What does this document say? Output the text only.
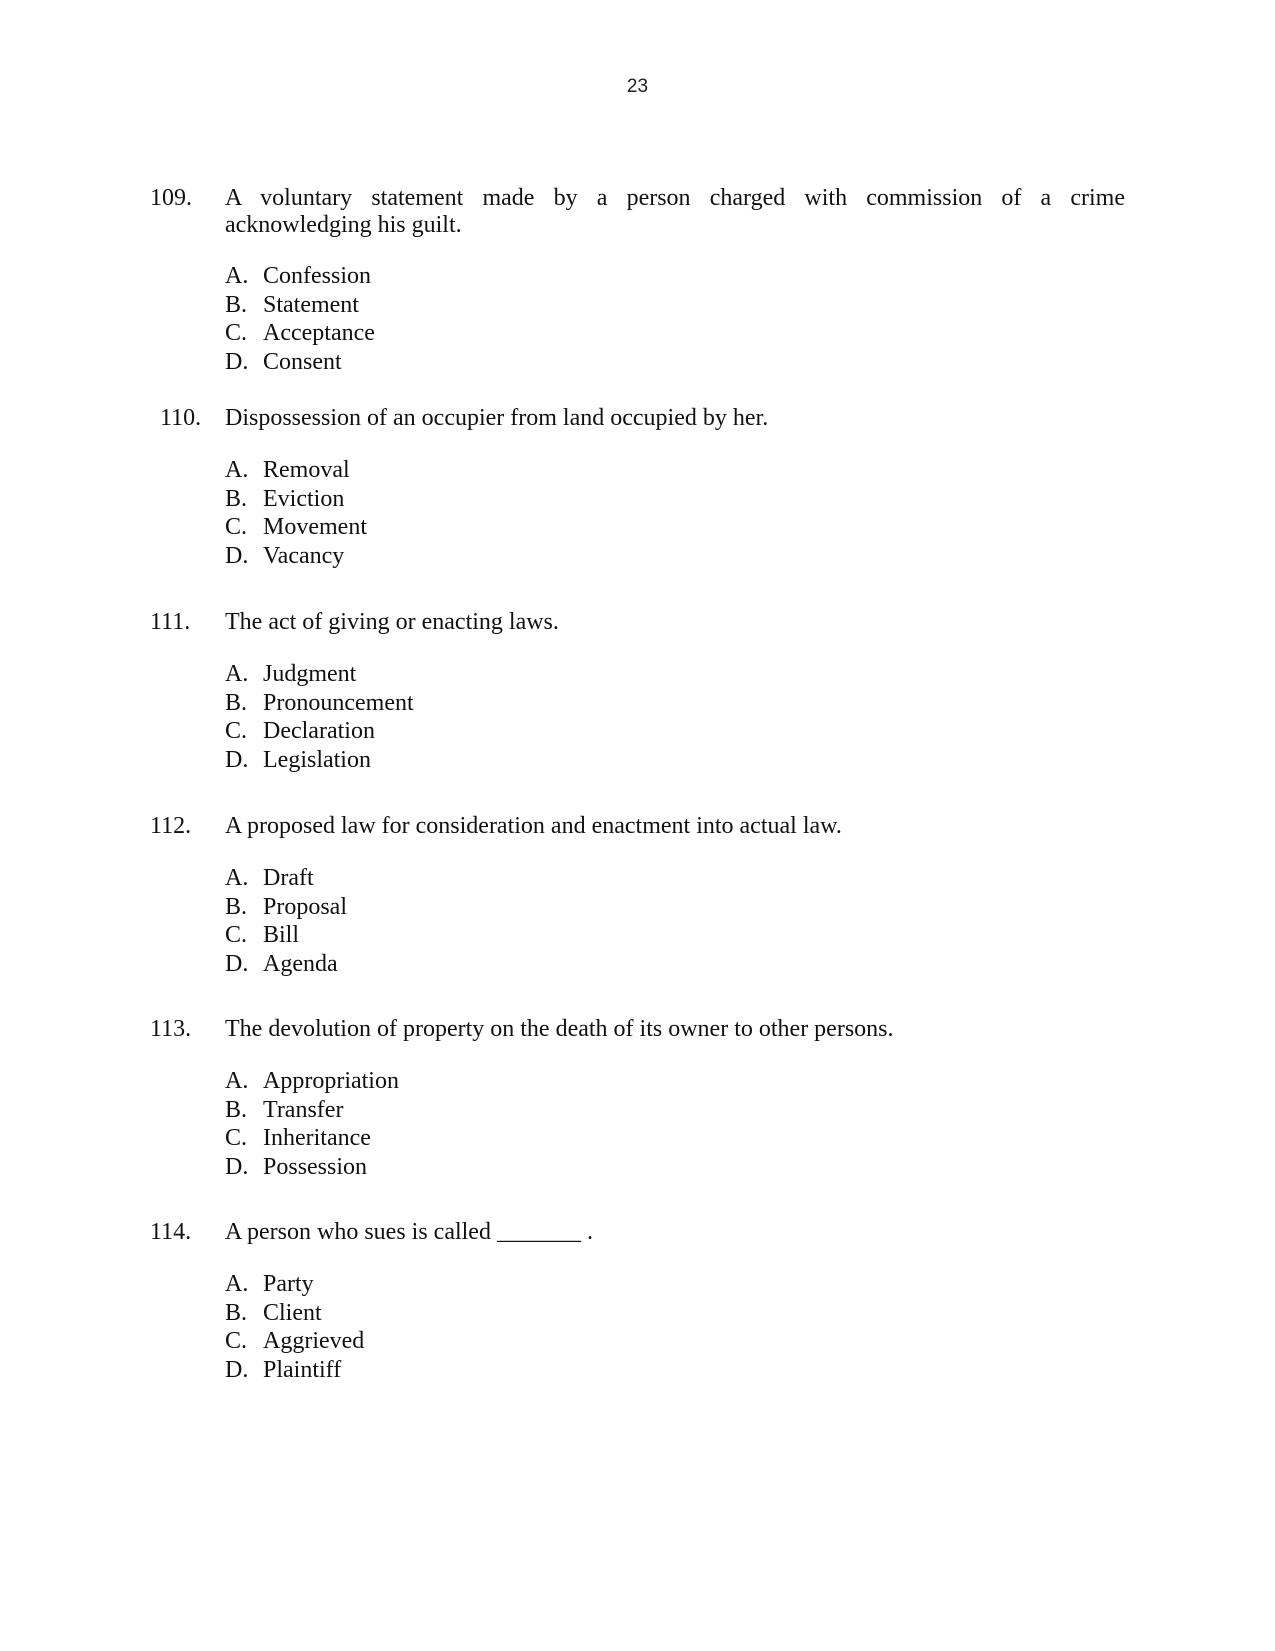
23
109. A voluntary statement made by a person charged with commission of a crime
acknowledging his guilt.
A. Confession
B. Statement
C. Acceptance
D. Consent
110. Dispossession of an occupier from land occupied by her.
A. Removal
B. Eviction
C. Movement
D. Vacancy
111. The act of giving or enacting laws.
A. Judgment
B. Pronouncement
C. Declaration
D. Legislation
112. A proposed law for consideration and enactment into actual law.
A. Draft
B. Proposal
C. Bill
D. Agenda
113. The devolution of property on the death of its owner to other persons.
A. Appropriation
B. Transfer
C. Inheritance
D. Possession
114. A person who sues is called _______ .
A. Party
B. Client
C. Aggrieved
D. Plaintiff
